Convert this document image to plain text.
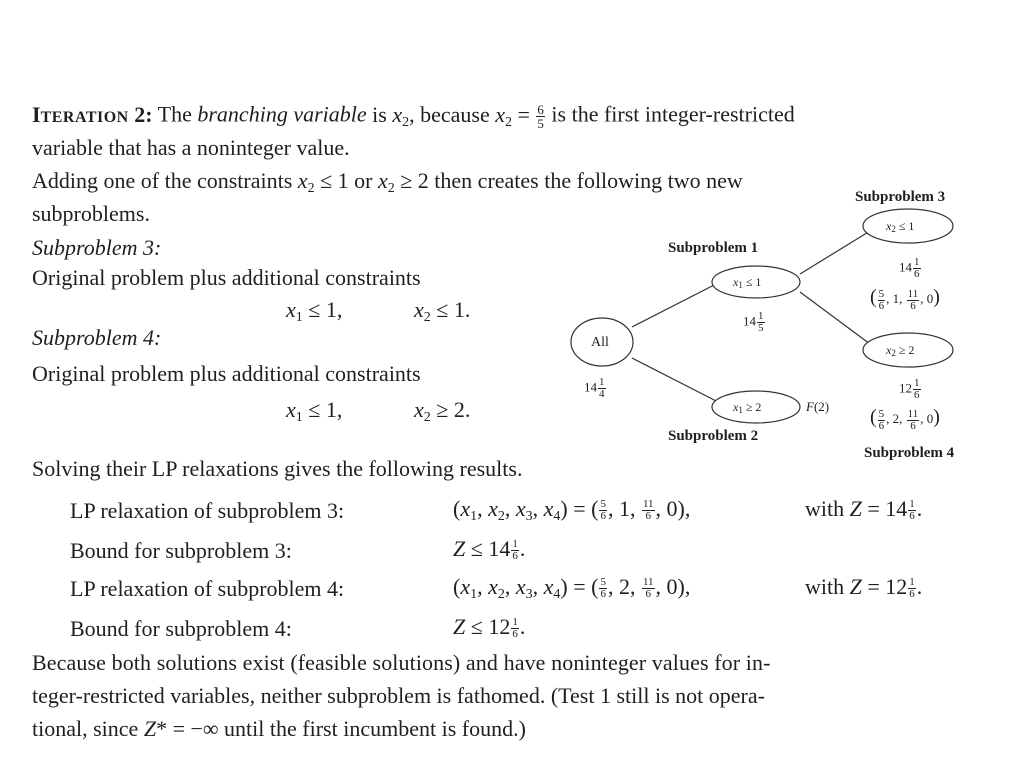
ITERATION 2: The branching variable is $x_2$, because $x_2 = \frac{6}{5}$ is the first integer-restricted
variable that has a noninteger value.
Adding one of the constraints $x_2 \le 1$ or $x_2 \ge 2$ then creates the following two new
subproblems.
Subproblem 3:
Original problem plus additional constraints
$x_1 \le 1$,	$x_2 \le 1$.
Subproblem 4:
Original problem plus additional constraints
$x_1 \le 1$,	$x_2 \ge 2$.
All
$x_1 \le 1$
$x_1 \ge 2$
$x_2 \le 1$
$x_2 \ge 2$
Subproblem 1
Subproblem 2
Subproblem 3
Subproblem 4
$14 \frac{1}{4}$
$14 \frac{1}{5}$
F(2)
$14 \frac{1}{6}$
( $\frac{5}{6}$ , 1, $\frac{11}{6}$ , 0)
$12 \frac{1}{6}$
( $\frac{5}{6}$ , 2, $\frac{11}{6}$ , 0)
Solving their LP relaxations gives the following results.
LP relaxation of subproblem 3:	($x_1$, $x_2$, $x_3$, $x_4$) = ( $\frac{5}{6}$ , 1, $\frac{11}{6}$ , 0),	with $Z = 14 \frac{1}{6}$ .
Bound for subproblem 3:	$Z \le 14 \frac{1}{6}$ .
LP relaxation of subproblem 4:	($x_1$, $x_2$, $x_3$, $x_4$) = ( $\frac{5}{6}$ , 2, $\frac{11}{6}$ , 0),	with $Z = 12 \frac{1}{6}$ .
Bound for subproblem 4:	$Z \le 12 \frac{1}{6}$ .
Because both solutions exist (feasible solutions) and have noninteger values for in-
teger-restricted variables, neither subproblem is fathomed. (Test 1 still is not opera-
tional, since Z* = −∞ until the first incumbent is found.)
